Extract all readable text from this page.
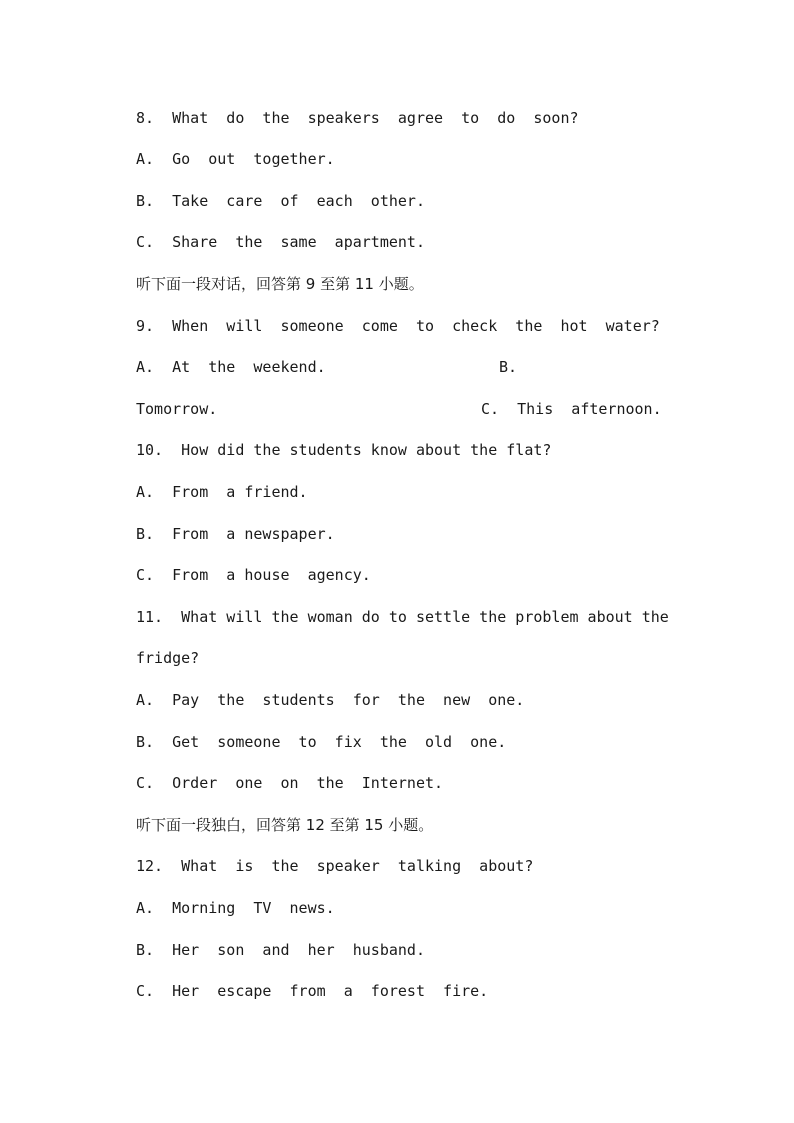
8.  What  do  the  speakers  agree  to  do  soon?
A.  Go  out  together.
B.  Take  care  of  each  other.
C.  Share  the  same  apartment.
听下面一段对话，回答第 9 至第 11 小题。
9.  When  will  someone  come  to  check  the  hot  water?
A.  At  the  weekend.	B.
Tomorrow.	C.  This  afternoon.
10.  How did the students know about the flat?
A.  From  a friend.
B.  From  a newspaper.
C.  From  a house  agency.
11.  What will the woman do to settle the problem about the
fridge?
A.  Pay  the  students  for  the  new  one.
B.  Get  someone  to  fix  the  old  one.
C.  Order  one  on  the  Internet.
听下面一段独白，回答第 12 至第 15 小题。
12.  What  is  the  speaker  talking  about?
A.  Morning  TV  news.
B.  Her  son  and  her  husband.
C.  Her  escape  from  a  forest  fire.
